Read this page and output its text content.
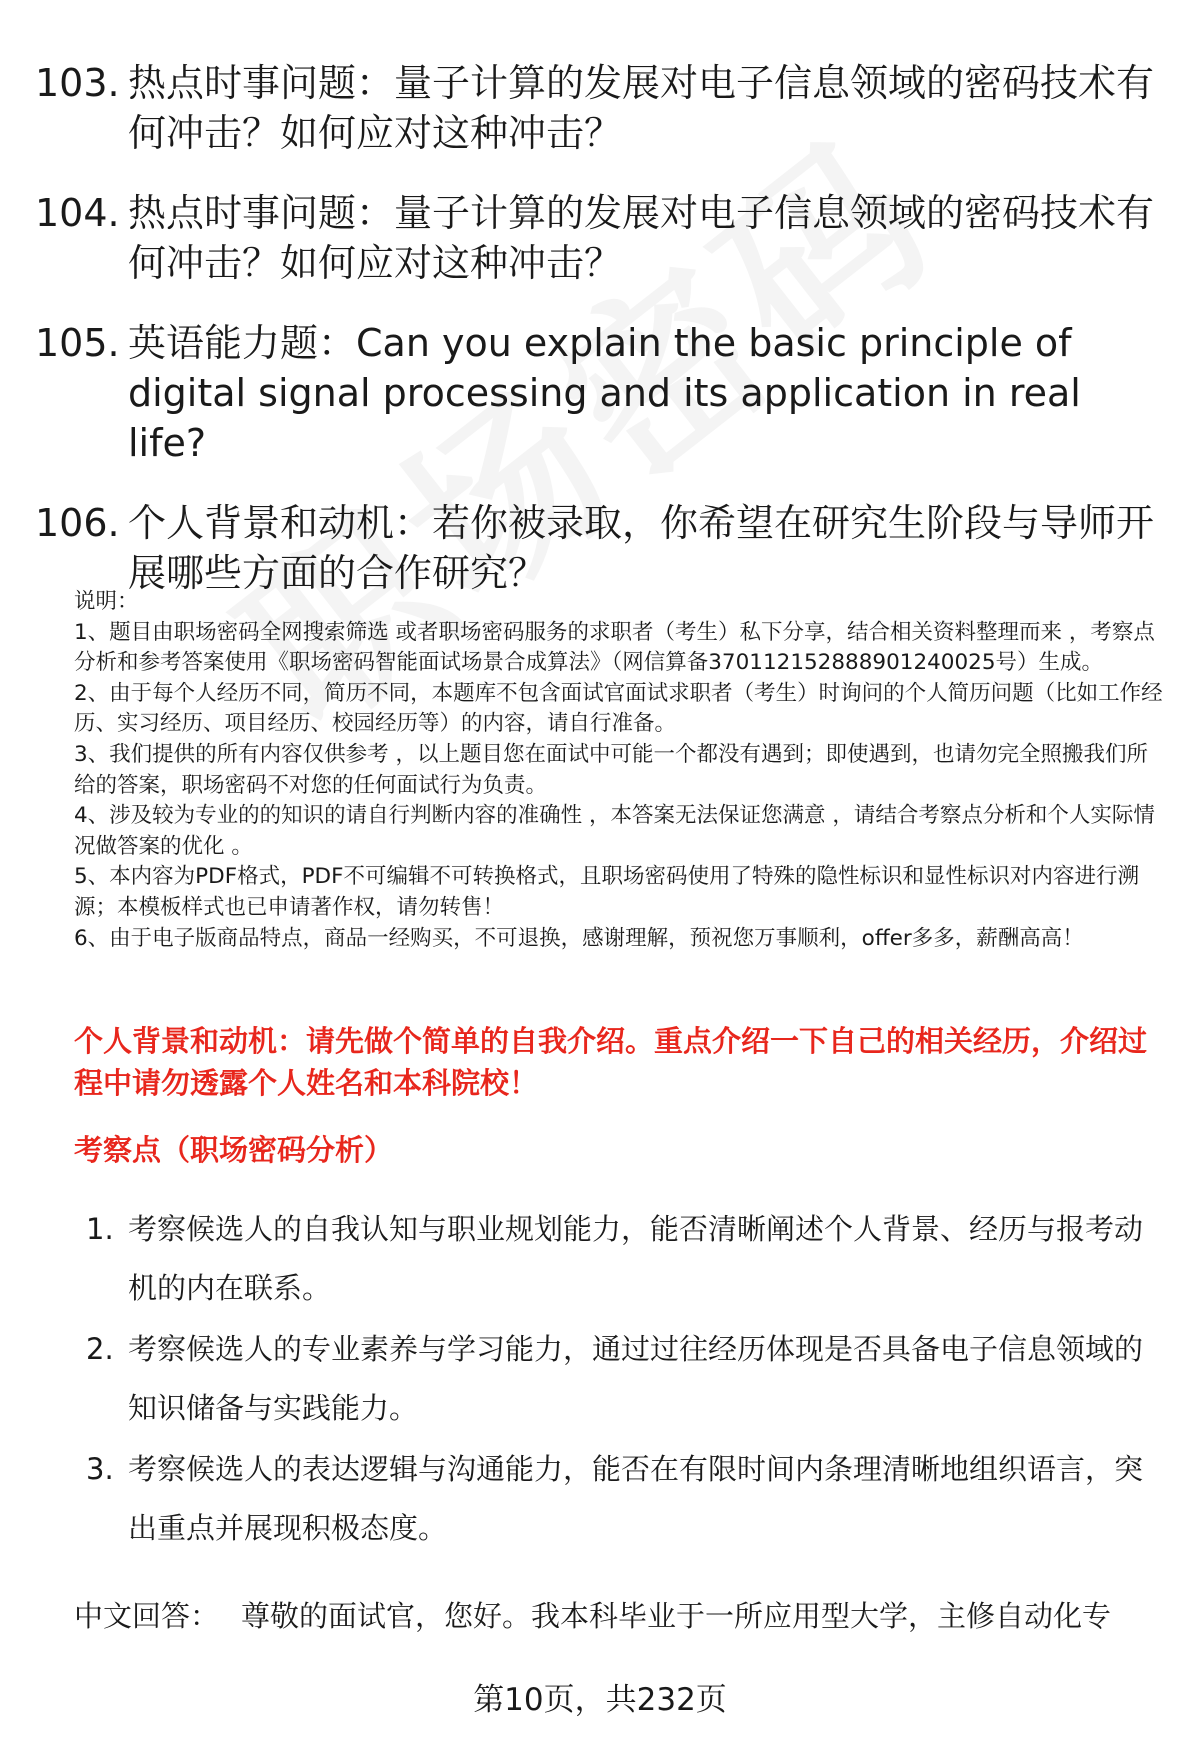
103. 热点时事问题：量子计算的发展对电子信息领域的密码技术有何冲击？如何应对这种冲击？
104. 热点时事问题：量子计算的发展对电子信息领域的密码技术有何冲击？如何应对这种冲击？
105. 英语能力题：Can you explain the basic principle of digital signal processing and its application in real life?
106. 个人背景和动机：若你被录取，你希望在研究生阶段与导师开展哪些方面的合作研究？
说明：
1、题目由职场密码全网搜索筛选 或者职场密码服务的求职者（考生）私下分享，结合相关资料整理而来 ，考察点分析和参考答案使用《职场密码智能面试场景合成算法》（网信算备370112152888901240025号）生成。
2、由于每个人经历不同，简历不同，本题库不包含面试官面试求职者（考生）时询问的个人简历问题（比如工作经历、实习经历、项目经历、校园经历等）的内容，请自行准备。
3、我们提供的所有内容仅供参考 ，以上题目您在面试中可能一个都没有遇到；即使遇到，也请勿完全照搬我们所给的答案，职场密码不对您的任何面试行为负责。
4、涉及较为专业的的知识的请自行判断内容的准确性 ，本答案无法保证您满意 ，请结合考察点分析和个人实际情况做答案的优化 。
5、本内容为PDF格式，PDF不可编辑不可转换格式，且职场密码使用了特殊的隐性标识和显性标识对内容进行溯源；本模板样式也已申请著作权，请勿转售！
6、由于电子版商品特点，商品一经购买，不可退换，感谢理解，预祝您万事顺利，offer多多，薪酬高高！
个人背景和动机：请先做个简单的自我介绍。重点介绍一下自己的相关经历，介绍过程中请勿透露个人姓名和本科院校！
考察点（职场密码分析）
1. 考察候选人的自我认知与职业规划能力，能否清晰阐述个人背景、经历与报考动机的内在联系。
2. 考察候选人的专业素养与学习能力，通过过往经历体现是否具备电子信息领域的知识储备与实践能力。
3. 考察候选人的表达逻辑与沟通能力，能否在有限时间内条理清晰地组织语言，突出重点并展现积极态度。
中文回答： 尊敬的面试官，您好。我本科毕业于一所应用型大学，主修自动化专
第10页，共232页
